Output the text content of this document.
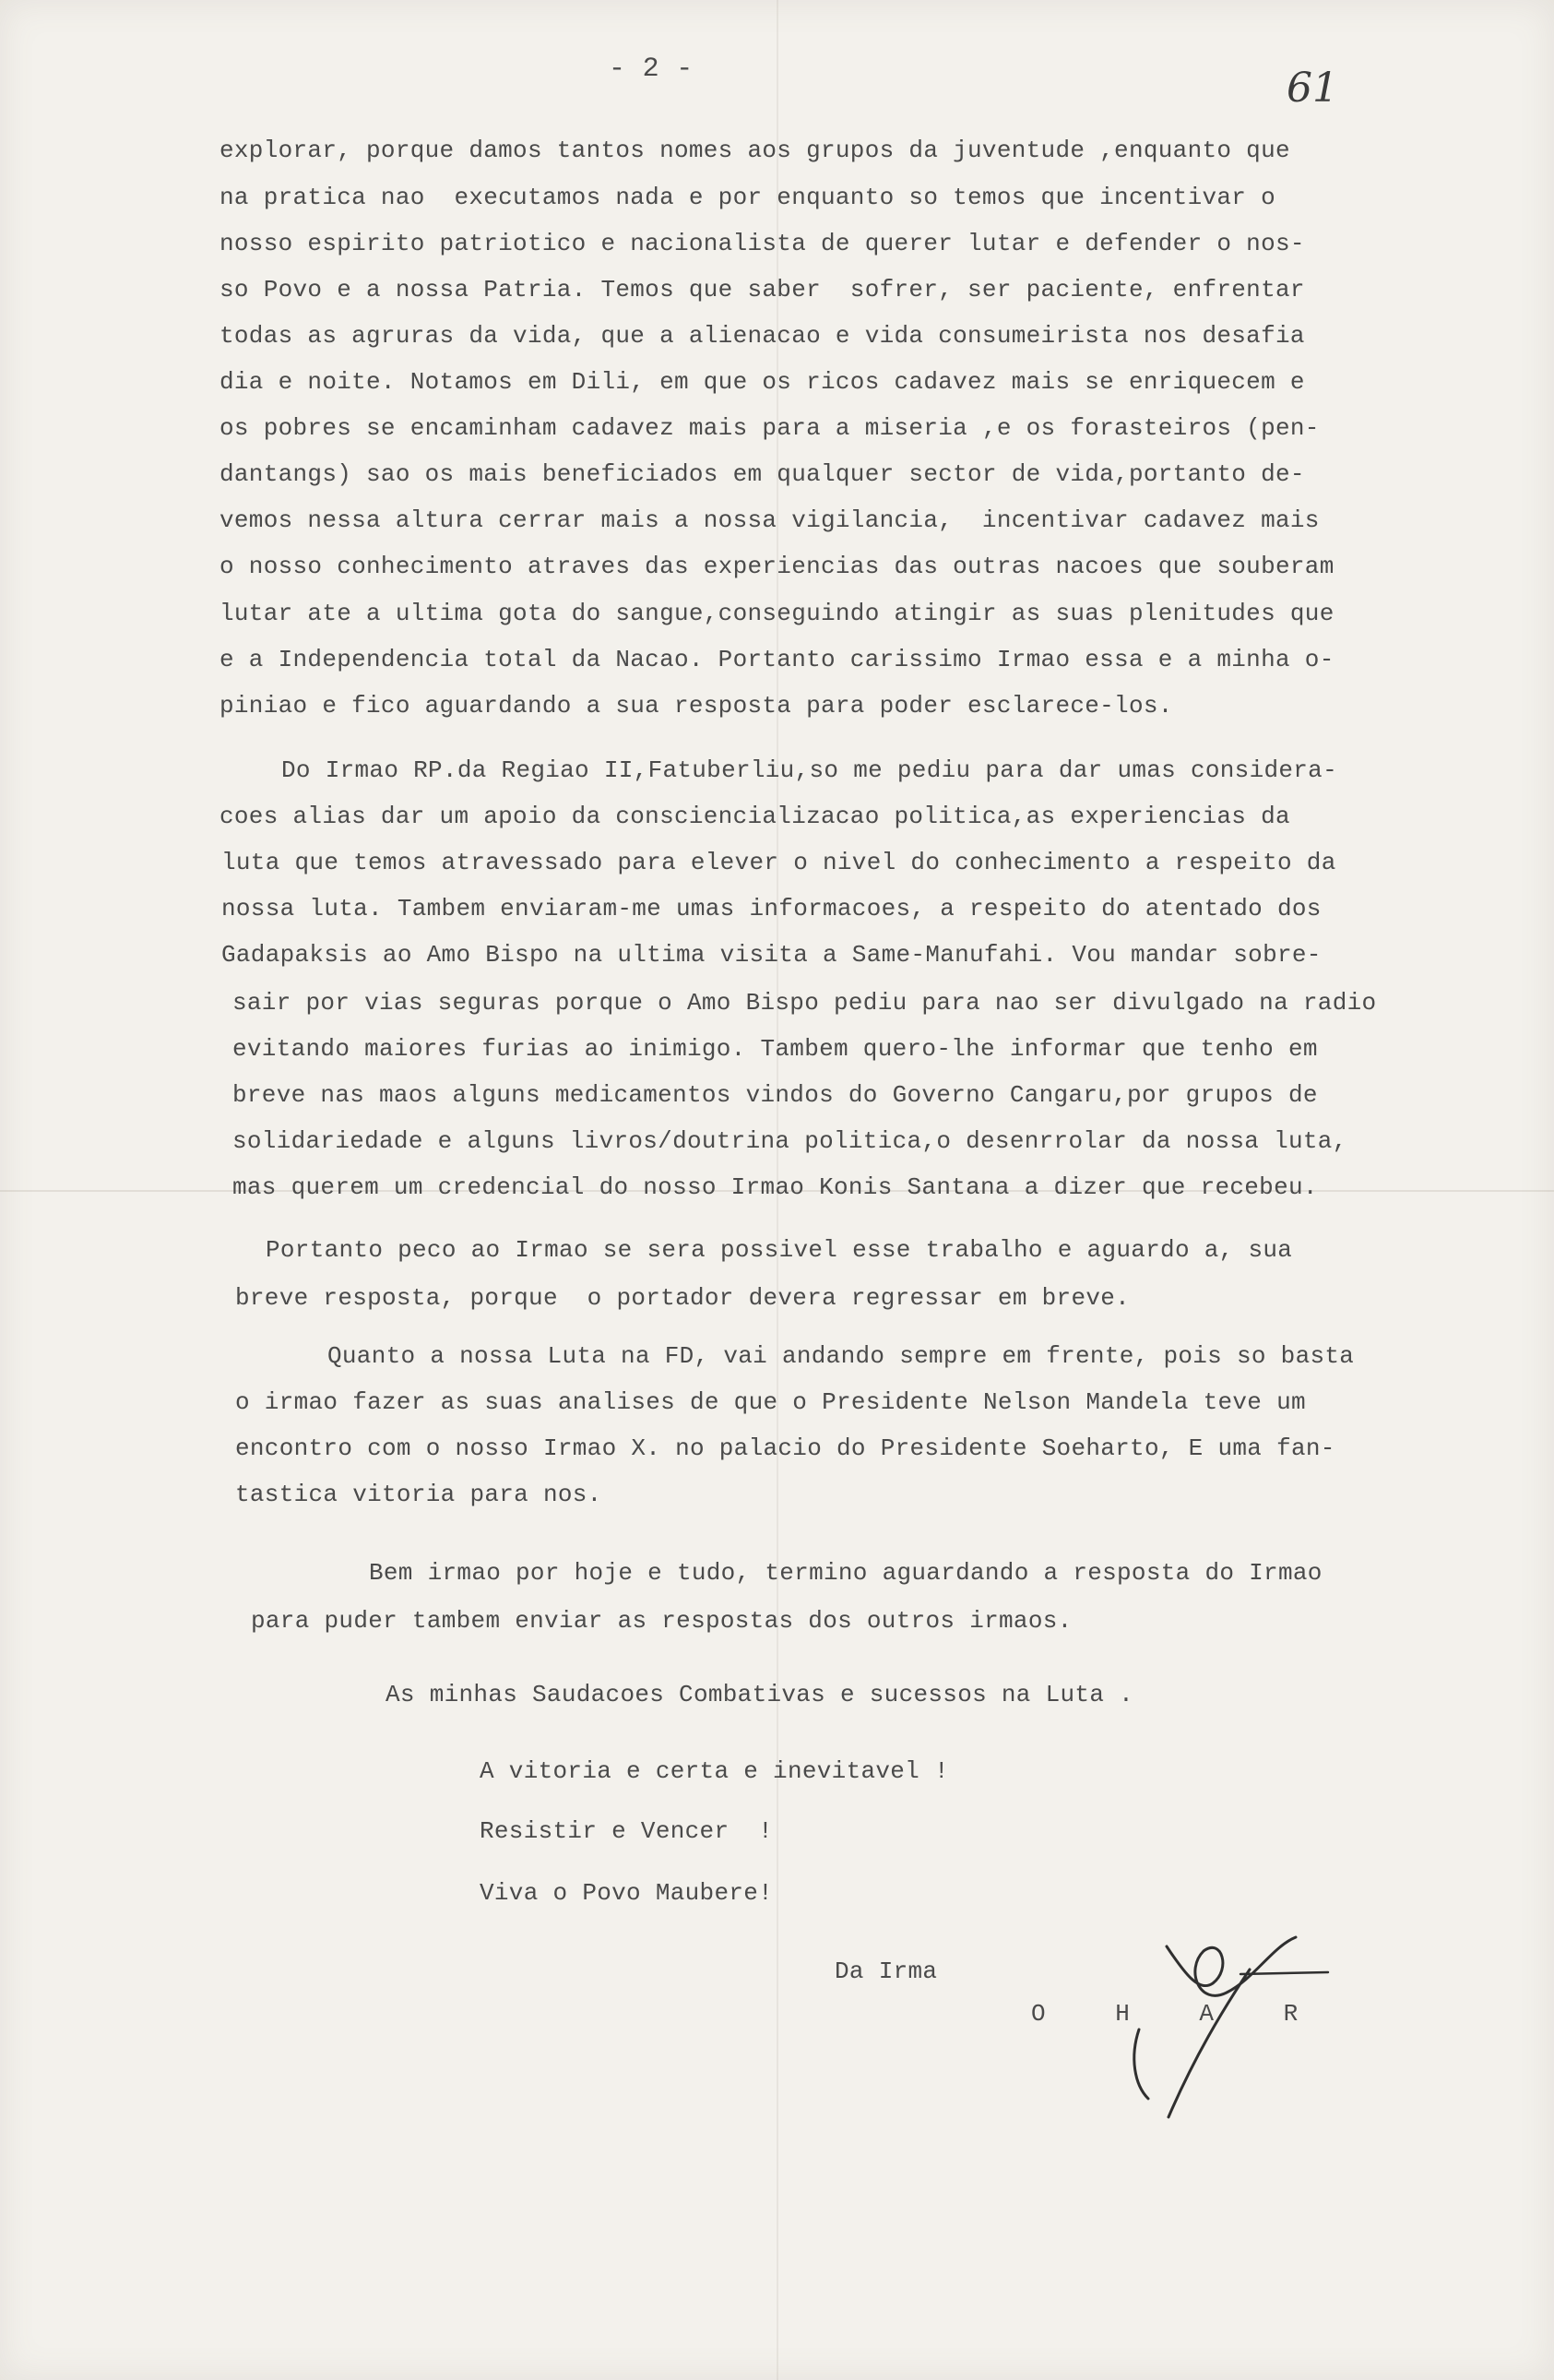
- 2 -	61
explorar, porque damos tantos nomes aos grupos da juventude ,enquanto que
na pratica nao  executamos nada e por enquanto so temos que incentivar o
nosso espirito patriotico e nacionalista de querer lutar e defender o nos-
so Povo e a nossa Patria. Temos que saber  sofrer, ser paciente, enfrentar
todas as agruras da vida, que a alienacao e vida consumeirista nos desafia
dia e noite. Notamos em Dili, em que os ricos cadavez mais se enriquecem e
os pobres se encaminham cadavez mais para a miseria ,e os forasteiros (pen-
dantangs) sao os mais beneficiados em qualquer sector de vida,portanto de-
vemos nessa altura cerrar mais a nossa vigilancia,  incentivar cadavez mais
o nosso conhecimento atraves das experiencias das outras nacoes que souberam
lutar ate a ultima gota do sangue,conseguindo atingir as suas plenitudes que
e a Independencia total da Nacao. Portanto carissimo Irmao essa e a minha o-
piniao e fico aguardando a sua resposta para poder esclarece-los.
Do Irmao RP.da Regiao II,Fatuberliu,so me pediu para dar umas considera-
coes alias dar um apoio da consciencializacao politica,as experiencias da
luta que temos atravessado para elever o nivel do conhecimento a respeito da
nossa luta. Tambem enviaram-me umas informacoes, a respeito do atentado dos
Gadapaksis ao Amo Bispo na ultima visita a Same-Manufahi. Vou mandar sobre-
sair por vias seguras porque o Amo Bispo pediu para nao ser divulgado na radio
evitando maiores furias ao inimigo. Tambem quero-lhe informar que tenho em
breve nas maos alguns medicamentos vindos do Governo Cangaru,por grupos de
solidariedade e alguns livros/doutrina politica,o desenrrolar da nossa luta,
mas querem um credencial do nosso Irmao Konis Santana a dizer que recebeu.
Portanto peco ao Irmao se sera possivel esse trabalho e aguardo a, sua
breve resposta, porque  o portador devera regressar em breve.
Quanto a nossa Luta na FD, vai andando sempre em frente, pois so basta
o irmao fazer as suas analises de que o Presidente Nelson Mandela teve um
encontro com o nosso Irmao X. no palacio do Presidente Soeharto, E uma fan-
tastica vitoria para nos.
Bem irmao por hoje e tudo, termino aguardando a resposta do Irmao
para puder tambem enviar as respostas dos outros irmaos.
As minhas Saudacoes Combativas e sucessos na Luta .
A vitoria e certa e inevitavel !
Resistir e Vencer  !
Viva o Povo Maubere!
Da Irma
O H A R
